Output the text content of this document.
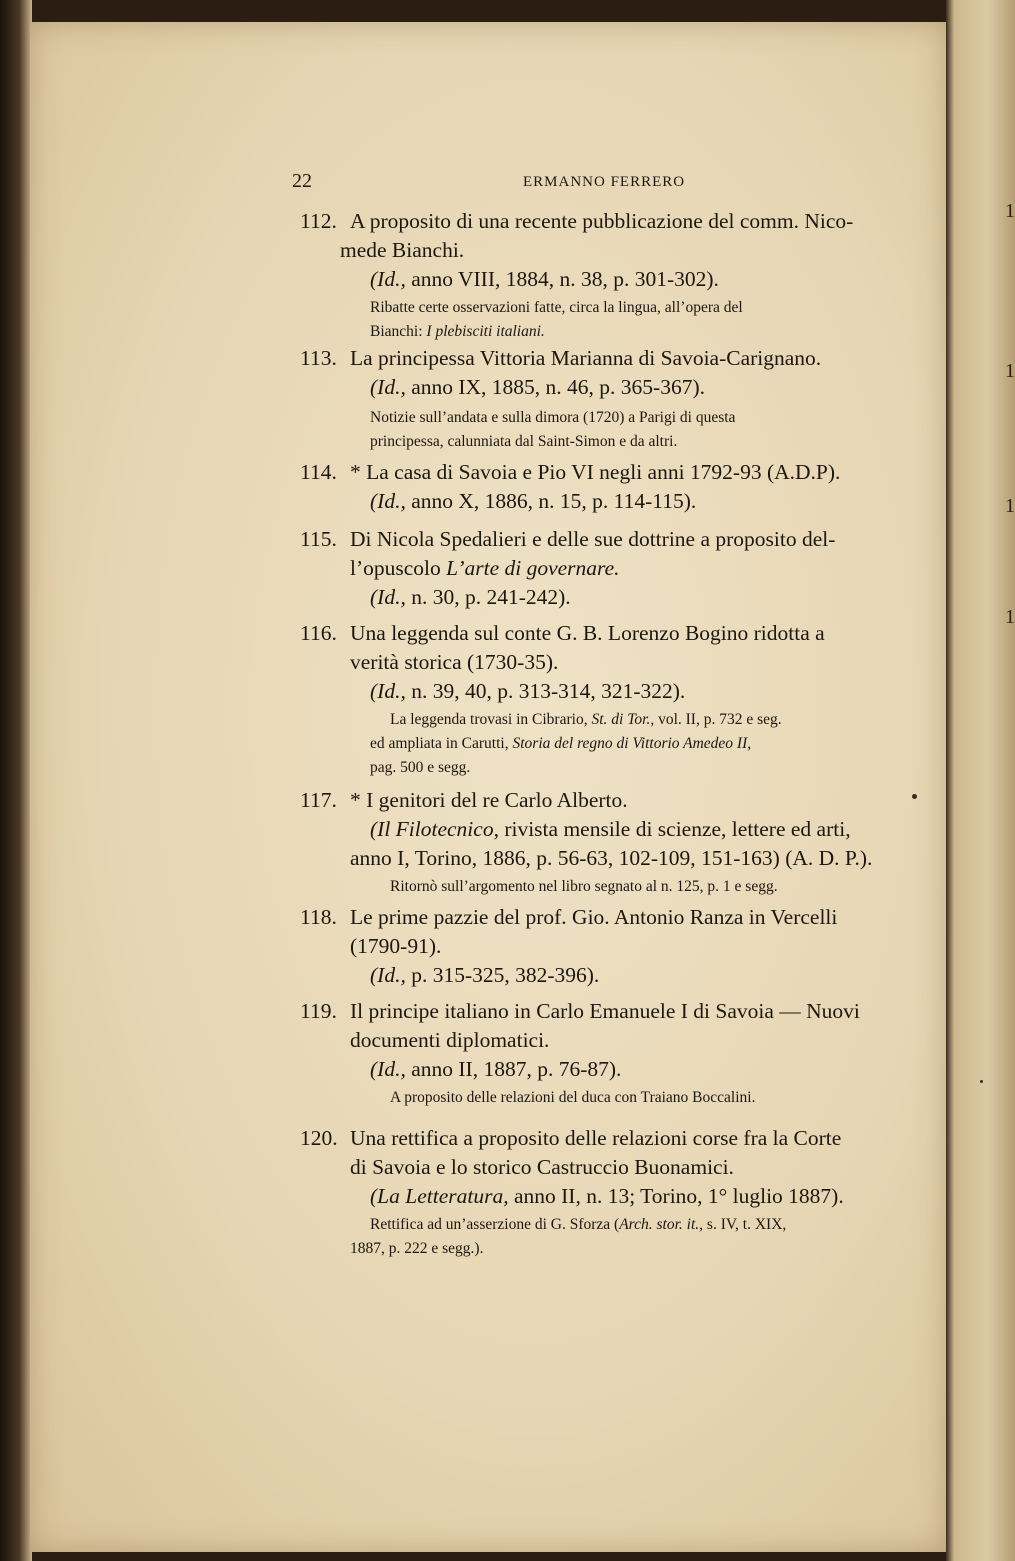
1
1
1
1
22	ERMANNO FERRERO
112. A proposito di una recente pubblicazione del comm. Nico-
mede Bianchi.
(Id., anno VIII, 1884, n. 38, p. 301-302).
Ribatte certe osservazioni fatte, circa la lingua, all’opera del
Bianchi: I plebisciti italiani.
113. La principessa Vittoria Marianna di Savoia-Carignano.
(Id., anno IX, 1885, n. 46, p. 365-367).
Notizie sull’andata e sulla dimora (1720) a Parigi di questa
principessa, calunniata dal Saint-Simon e da altri.
114. * La casa di Savoia e Pio VI negli anni 1792-93 (A.D.P).
(Id., anno X, 1886, n. 15, p. 114-115).
115. Di Nicola Spedalieri e delle sue dottrine a proposito del-
l’opuscolo L’arte di governare.
(Id., n. 30, p. 241-242).
116. Una leggenda sul conte G. B. Lorenzo Bogino ridotta a
verità storica (1730-35).
(Id., n. 39, 40, p. 313-314, 321-322).
La leggenda trovasi in Cibrario, St. di Tor., vol. II, p. 732 e seg.
ed ampliata in Carutti, Storia del regno di Vittorio Amedeo II,
pag. 500 e segg.
117. * I genitori del re Carlo Alberto.
(Il Filotecnico, rivista mensile di scienze, lettere ed arti,
anno I, Torino, 1886, p. 56-63, 102-109, 151-163) (A. D. P.).
Ritornò sull’argomento nel libro segnato al n. 125, p. 1 e segg.
118. Le prime pazzie del prof. Gio. Antonio Ranza in Vercelli
(1790-91).
(Id., p. 315-325, 382-396).
119. Il principe italiano in Carlo Emanuele I di Savoia — Nuovi
documenti diplomatici.
(Id., anno II, 1887, p. 76-87).
A proposito delle relazioni del duca con Traiano Boccalini.
120. Una rettifica a proposito delle relazioni corse fra la Corte
di Savoia e lo storico Castruccio Buonamici.
(La Letteratura, anno II, n. 13; Torino, 1° luglio 1887).
Rettifica ad un’asserzione di G. Sforza (Arch. stor. it., s. IV, t. XIX,
1887, p. 222 e segg.).
